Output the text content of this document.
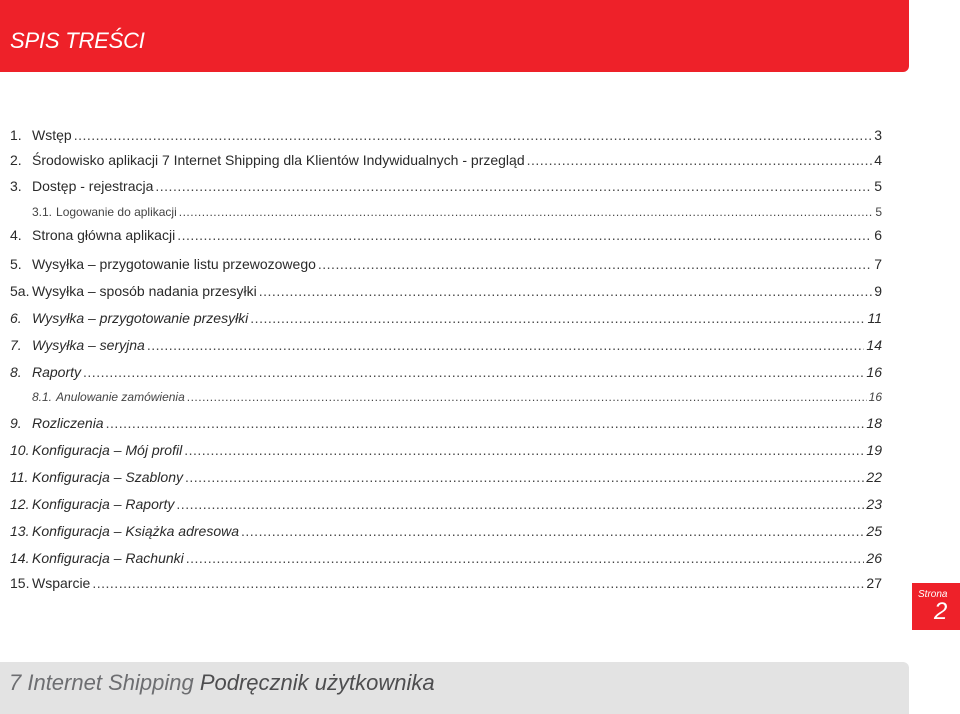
SPIS TREŚCI
1. Wstęp .....	3
2. Środowisko aplikacji 7 Internet Shipping dla Klientów Indywidualnych - przegląd .....	4
3. Dostęp - rejestracja .....	5
3.1. Logowanie do aplikacji .....	5
4. Strona główna aplikacji .....	6
5. Wysyłka – przygotowanie listu przewozowego .....	7
5a. Wysyłka – sposób nadania przesyłki .....	9
6. Wysyłka – przygotowanie przesyłki .....	11
7. Wysyłka – seryjna .....	14
8. Raporty .....	16
8.1. Anulowanie zamówienia .....	16
9. Rozliczenia .....	18
10. Konfiguracja – Mój profil .....	19
11. Konfiguracja – Szablony .....	22
12. Konfiguracja – Raporty .....	23
13. Konfiguracja – Książka adresowa .....	25
14. Konfiguracja – Rachunki .....	26
15. Wsparcie .....	27
Strona
2
7 Internet Shipping Podręcznik użytkownika
